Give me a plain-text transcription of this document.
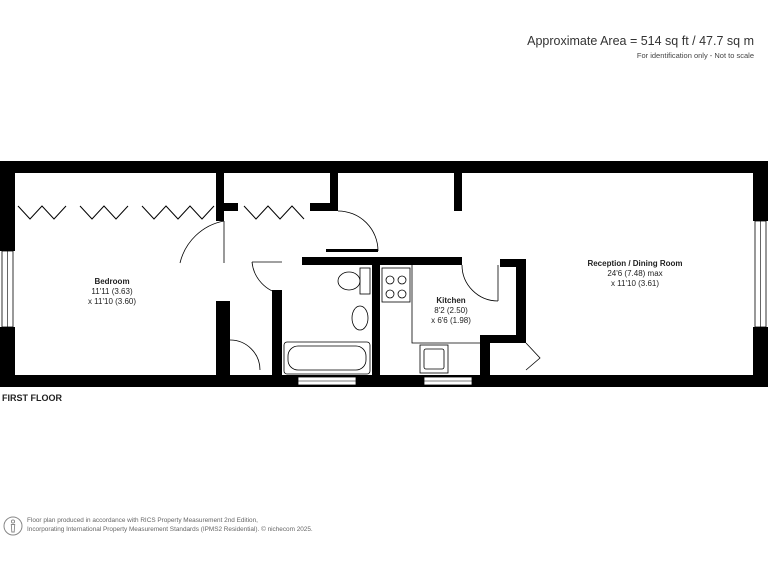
Approximate Area = 514 sq ft / 47.7 sq m
For identification only - Not to scale
Bedroom
11'11 (3.63)
x 11'10 (3.60)	Kitchen
8'2 (2.50)
x 6'6 (1.98)
Reception / Dining Room
24'6 (7.48) max
x 11'10 (3.61)
FIRST FLOOR
Floor plan produced in accordance with RICS Property Measurement 2nd Edition,
Incorporating International Property Measurement Standards (IPMS2 Residential). © nichecom 2025.
